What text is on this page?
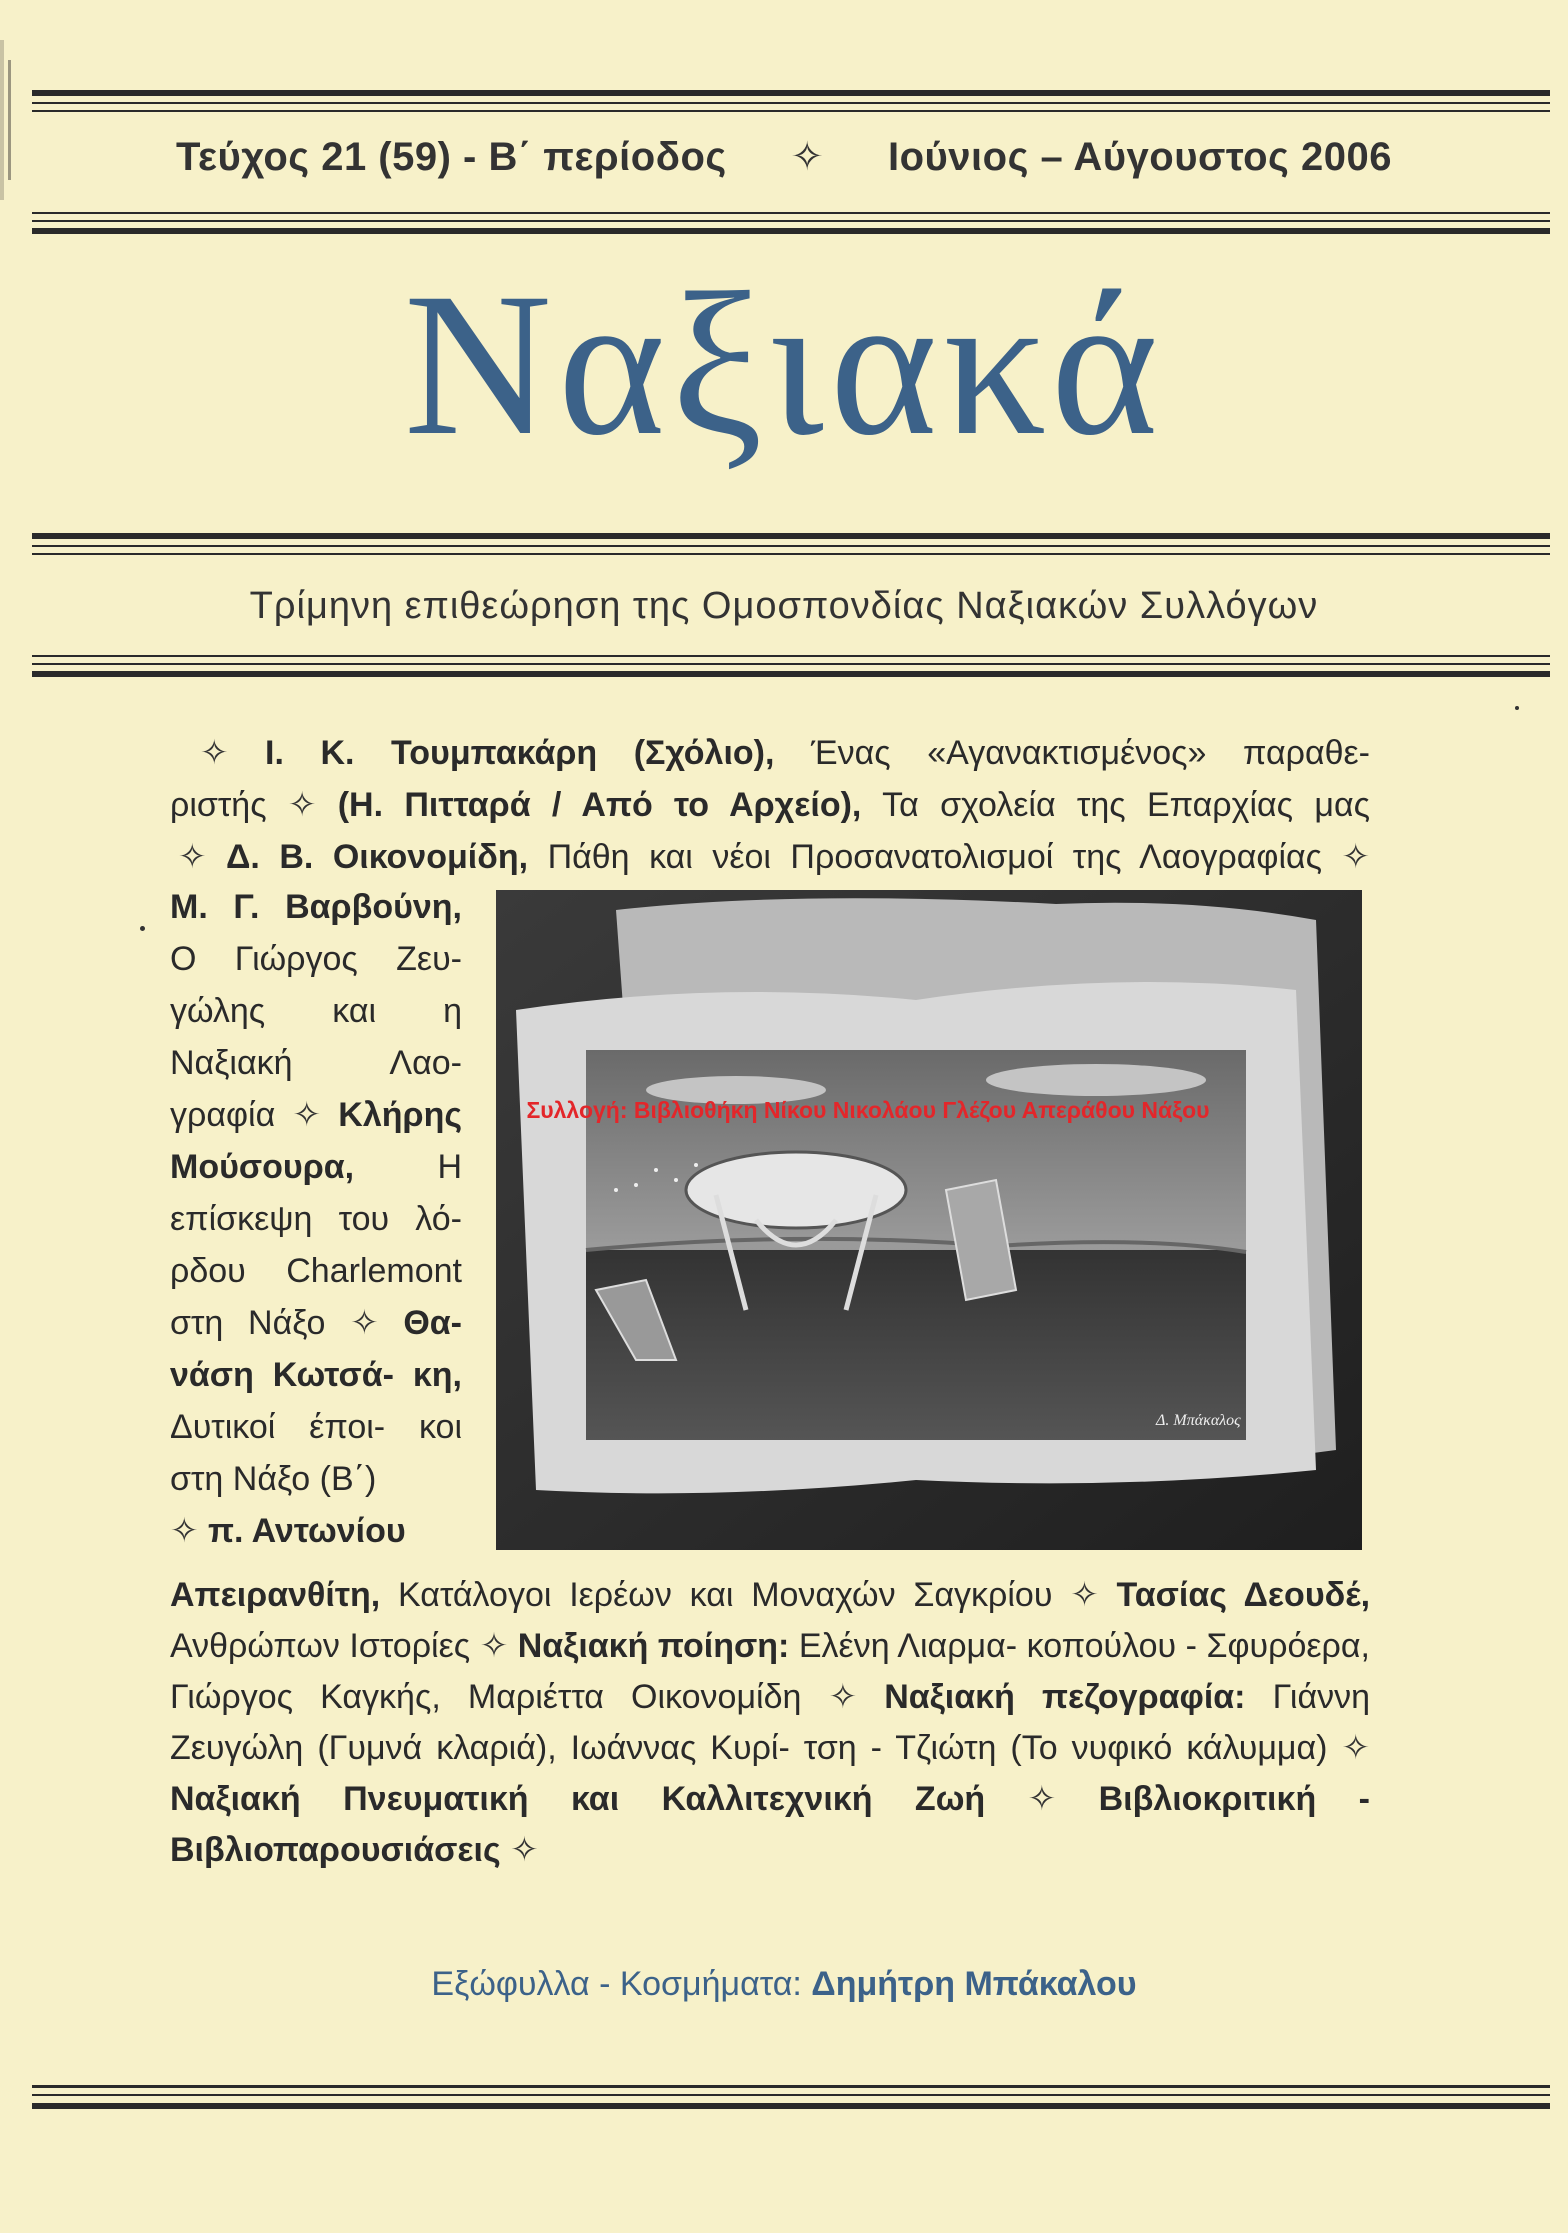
Τεύχος 21 (59) - Β΄ περίοδος ✧ Ιούνιος – Αύγουστος 2006
Ναξιακά
Τρίμηνη επιθεώρηση της Ομοσπονδίας Ναξιακών Συλλόγων
✧ Ι. Κ. Τουμπακάρη (Σχόλιο), Ένας «Αγανακτισμένος» παραθε-
ριστής ✧ (Η. Πιτταρά / Από το Αρχείο), Τα σχολεία της Επαρχίας μας
✧ Δ. Β. Οικονομίδη, Πάθη και νέοι Προσανατολισμοί της Λαογραφίας ✧
Μ. Γ. Βαρβούνη, Ο Γιώργος Ζευ- γώλης και η Ναξιακή Λαο- γραφία ✧ Κλήρης Μούσουρα, Η επίσκεψη του λό- ρδου Charlemont στη Νάξο ✧ Θα- νάση Κωτσά- κη, Δυτικοί έποι- κοι στη Νάξο (Β΄)
✧ π. Αντωνίου
Δ. Μπάκαλος
Απειρανθίτη, Κατάλογοι Ιερέων και Μοναχών Σαγκρίου ✧ Τασίας Δεουδέ, Ανθρώπων Ιστορίες ✧ Ναξιακή ποίηση: Ελένη Λιαρμα- κοπούλου - Σφυρόερα, Γιώργος Καγκής, Μαριέττα Οικονομίδη ✧ Ναξιακή πεζογραφία: Γιάννη Ζευγώλη (Γυμνά κλαριά), Ιωάννας Κυρί- τση - Τζιώτη (Το νυφικό κάλυμμα) ✧ Ναξιακή Πνευματική και Καλλιτεχνική Ζωή ✧ Βιβλιοκριτική - Βιβλιοπαρουσιάσεις ✧
Συλλογή: Βιβλιοθήκη Νίκου Νικολάου Γλέζου Απεράθου Νάξου
Εξώφυλλα - Κοσμήματα: Δημήτρη Μπάκαλου
